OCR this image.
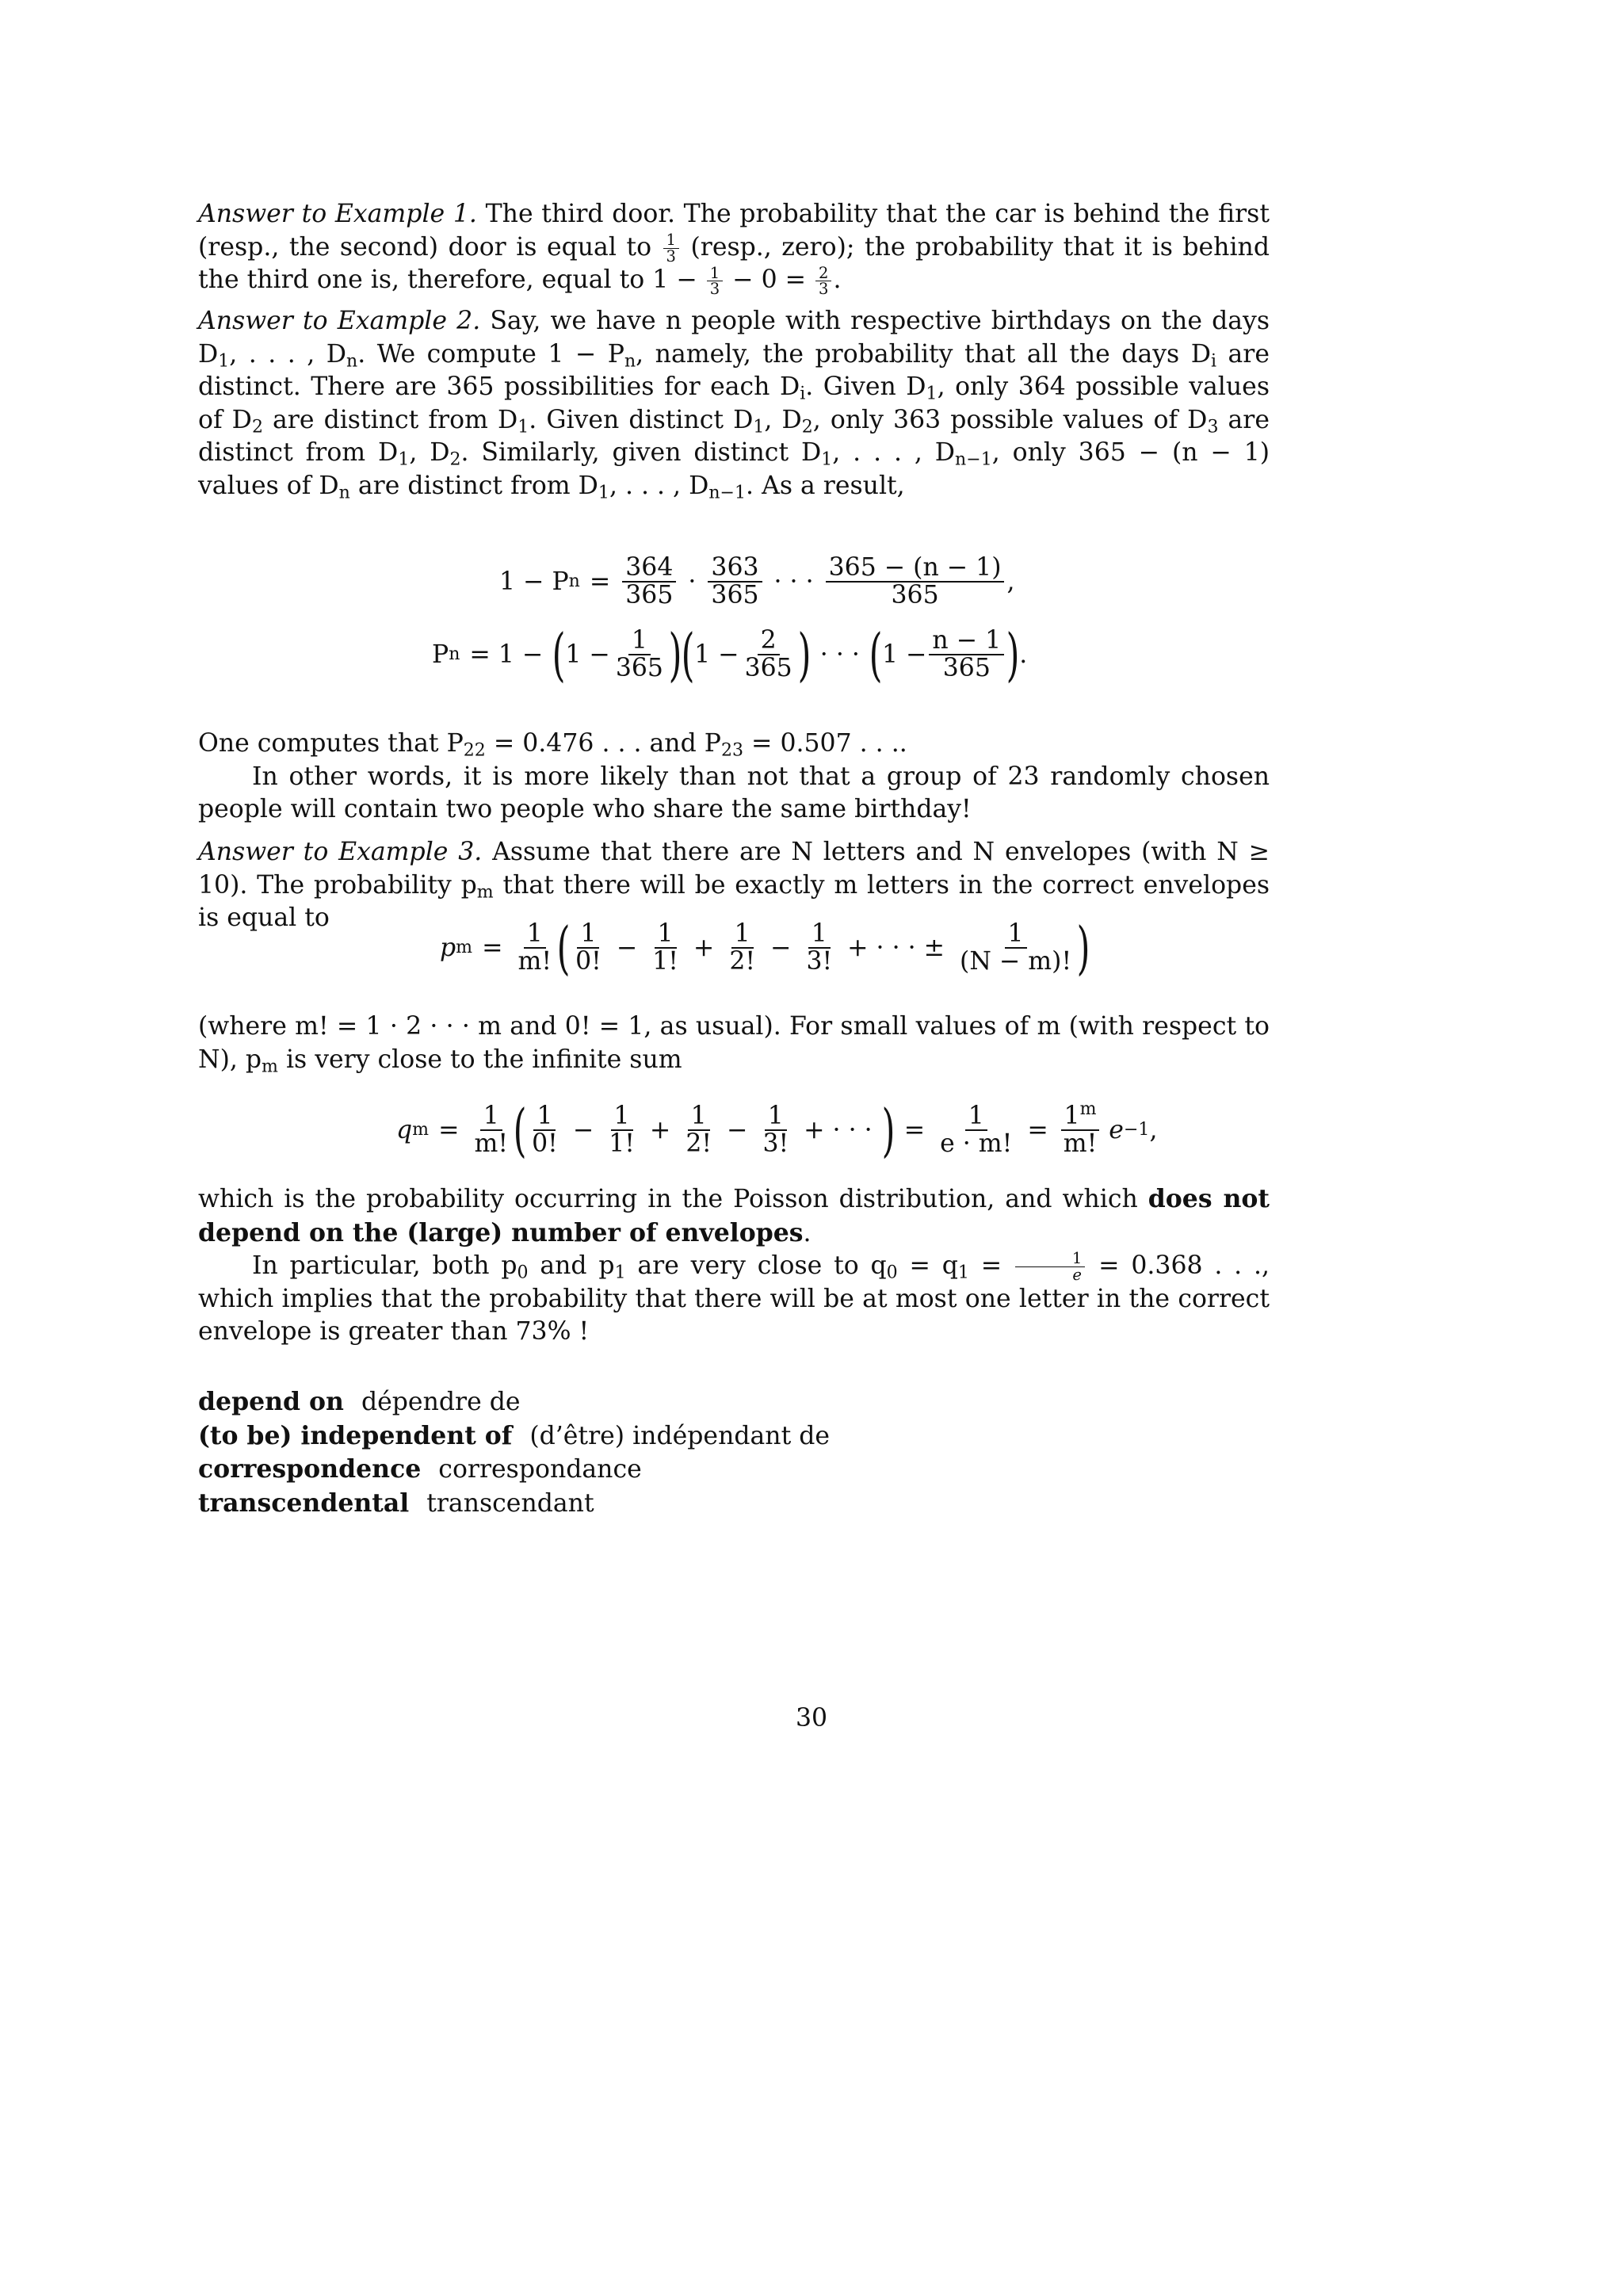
Answer to Example 1. The third door. The probability that the car is behind the first (resp., the second) door is equal to $\frac{1}{3}$ (resp., zero); the probability that it is behind the third one is, therefore, equal to $1 - \frac{1}{3} - 0 = \frac{2}{3}$ .

Answer to Example 2. Say, we have n people with respective birthdays on the days $D_1$, . . . , $D_n$. We compute $1 - P_n$, namely, the probability that all the days $D_i$ are distinct. There are 365 possibilities for each $D_i$. Given $D_1$, only 364 possible values of $D_2$ are distinct from $D_1$. Given distinct $D_1$, $D_2$, only 363 possible values of $D_3$ are distinct from $D_1$, $D_2$. Similarly, given distinct $D_1$, . . . , $D_{n-1}$, only 365 − (n − 1) values of $D_n$ are distinct from $D_1$, . . . , $D_{n-1}$. As a result,

1 − P $n = \frac{364}{365} \cdot \frac{363}{365}$ · · · $\frac{365 - (n - 1)}{365}$ ,
P n = 1 − ( $1 - \frac{1}{365}$ ) ( $1 - \frac{2}{365}$ ) · · · ( $1 - \frac{n - 1}{365}$ ) .

One computes that $P_{22} = 0.476$ . . . and $P_{23} = 0.507$ . . ..

In other words, it is more likely than not that a group of 23 randomly chosen people will contain two people who share the same birthday!

Answer to Example 3. Assume that there are N letters and N envelopes (with N ≥ 10). The probability $p_m$ that there will be exactly m letters in the correct envelopes is equal to

p $m = \frac{1}{m!}$ ( $\frac{1}{0!} - \frac{1}{1!} + \frac{1}{2!} - \frac{1}{3!}$ + · · · ± $\frac{1}{(N - m)!}$ )

(where m! = 1 · 2 · · · m and 0! = 1, as usual). For small values of m (with respect to N), $p_m$ is very close to the infinite sum

q $m = \frac{1}{m!}$ ( $\frac{1}{0!} - \frac{1}{1!} + \frac{1}{2!} - \frac{1}{3!}$ + · · · ) = $\frac{1}{e \cdot m!} = \frac{1^m}{m!}$ e −1 ,

which is the probability occurring in the Poisson distribution, and which does not depend on the (large) number of envelopes.

In particular, both $p_0$ and $p_1$ are very close to $q_0 = q_1 = \frac{1}{e} = 0.368$ . . ., which implies that the probability that there will be at most one letter in the correct envelope is greater than 73% !

depend on dépendre de
(to be) independent of (d’être) indépendant de
correspondence correspondance
transcendental transcendant
30
